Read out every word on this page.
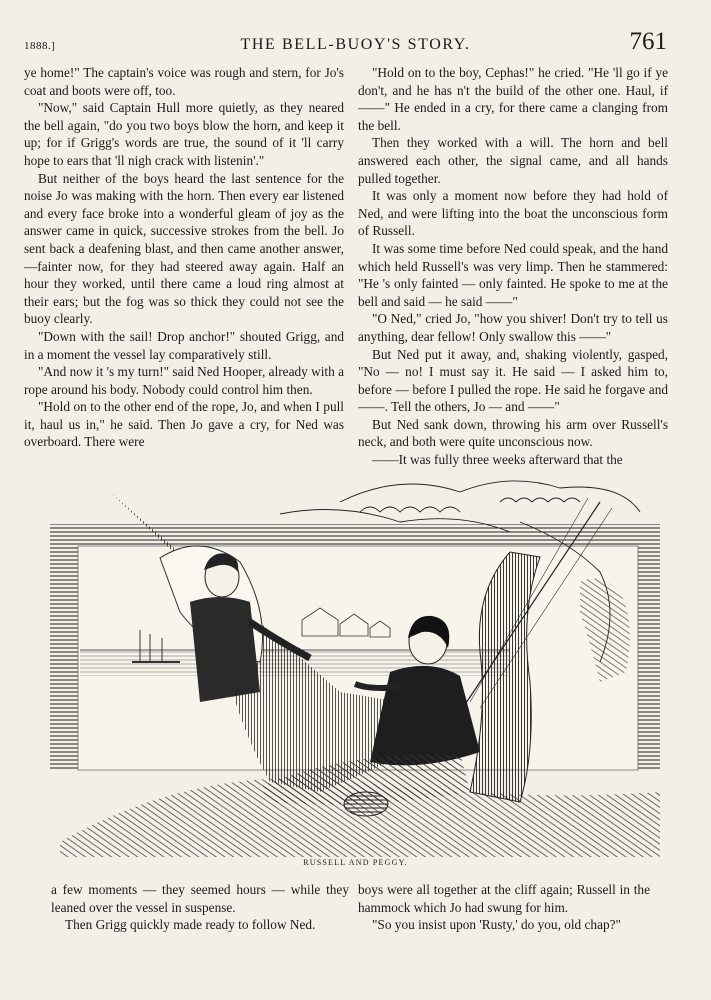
1888.]	THE BELL-BUOY'S STORY.	761

ye home!" The captain's voice was rough and stern, for Jo's coat and boots were off, too.

"Now," said Captain Hull more quietly, as they neared the bell again, "do you two boys blow the horn, and keep it up; for if Grigg's words are true, the sound of it 'll carry hope to ears that 'll nigh crack with listenin'."

But neither of the boys heard the last sentence for the noise Jo was making with the horn. Then every ear listened and every face broke into a wonderful gleam of joy as the answer came in quick, successive strokes from the bell. Jo sent back a deafening blast, and then came another answer,—fainter now, for they had steered away again. Half an hour they worked, until there came a loud ring almost at their ears; but the fog was so thick they could not see the buoy clearly.

"Down with the sail! Drop anchor!" shouted Grigg, and in a moment the vessel lay comparatively still.

"And now it 's my turn!" said Ned Hooper, already with a rope around his body. Nobody could control him then.

"Hold on to the other end of the rope, Jo, and when I pull it, haul us in," he said. Then Jo gave a cry, for Ned was overboard. There were

"Hold on to the boy, Cephas!" he cried. "He 'll go if ye don't, and he has n't the build of the other one. Haul, if ——" He ended in a cry, for there came a clanging from the bell.

Then they worked with a will. The horn and bell answered each other, the signal came, and all hands pulled together.

It was only a moment now before they had hold of Ned, and were lifting into the boat the unconscious form of Russell.

It was some time before Ned could speak, and the hand which held Russell's was very limp. Then he stammered: "He 's only fainted — only fainted. He spoke to me at the bell and said — he said ——"

"O Ned," cried Jo, "how you shiver! Don't try to tell us anything, dear fellow! Only swallow this ——"

But Ned put it away, and, shaking violently, gasped, "No — no! I must say it. He said — I asked him to, before — before I pulled the rope. He said he forgave and ——. Tell the others, Jo — and ——"

But Ned sank down, throwing his arm over Russell's neck, and both were quite unconscious now.

——It was fully three weeks afterward that the

RUSSELL AND PEGGY.

a few moments — they seemed hours — while they leaned over the vessel in suspense.

Then Grigg quickly made ready to follow Ned.

boys were all together at the cliff again; Russell in the hammock which Jo had swung for him.

"So you insist upon 'Rusty,' do you, old chap?"
